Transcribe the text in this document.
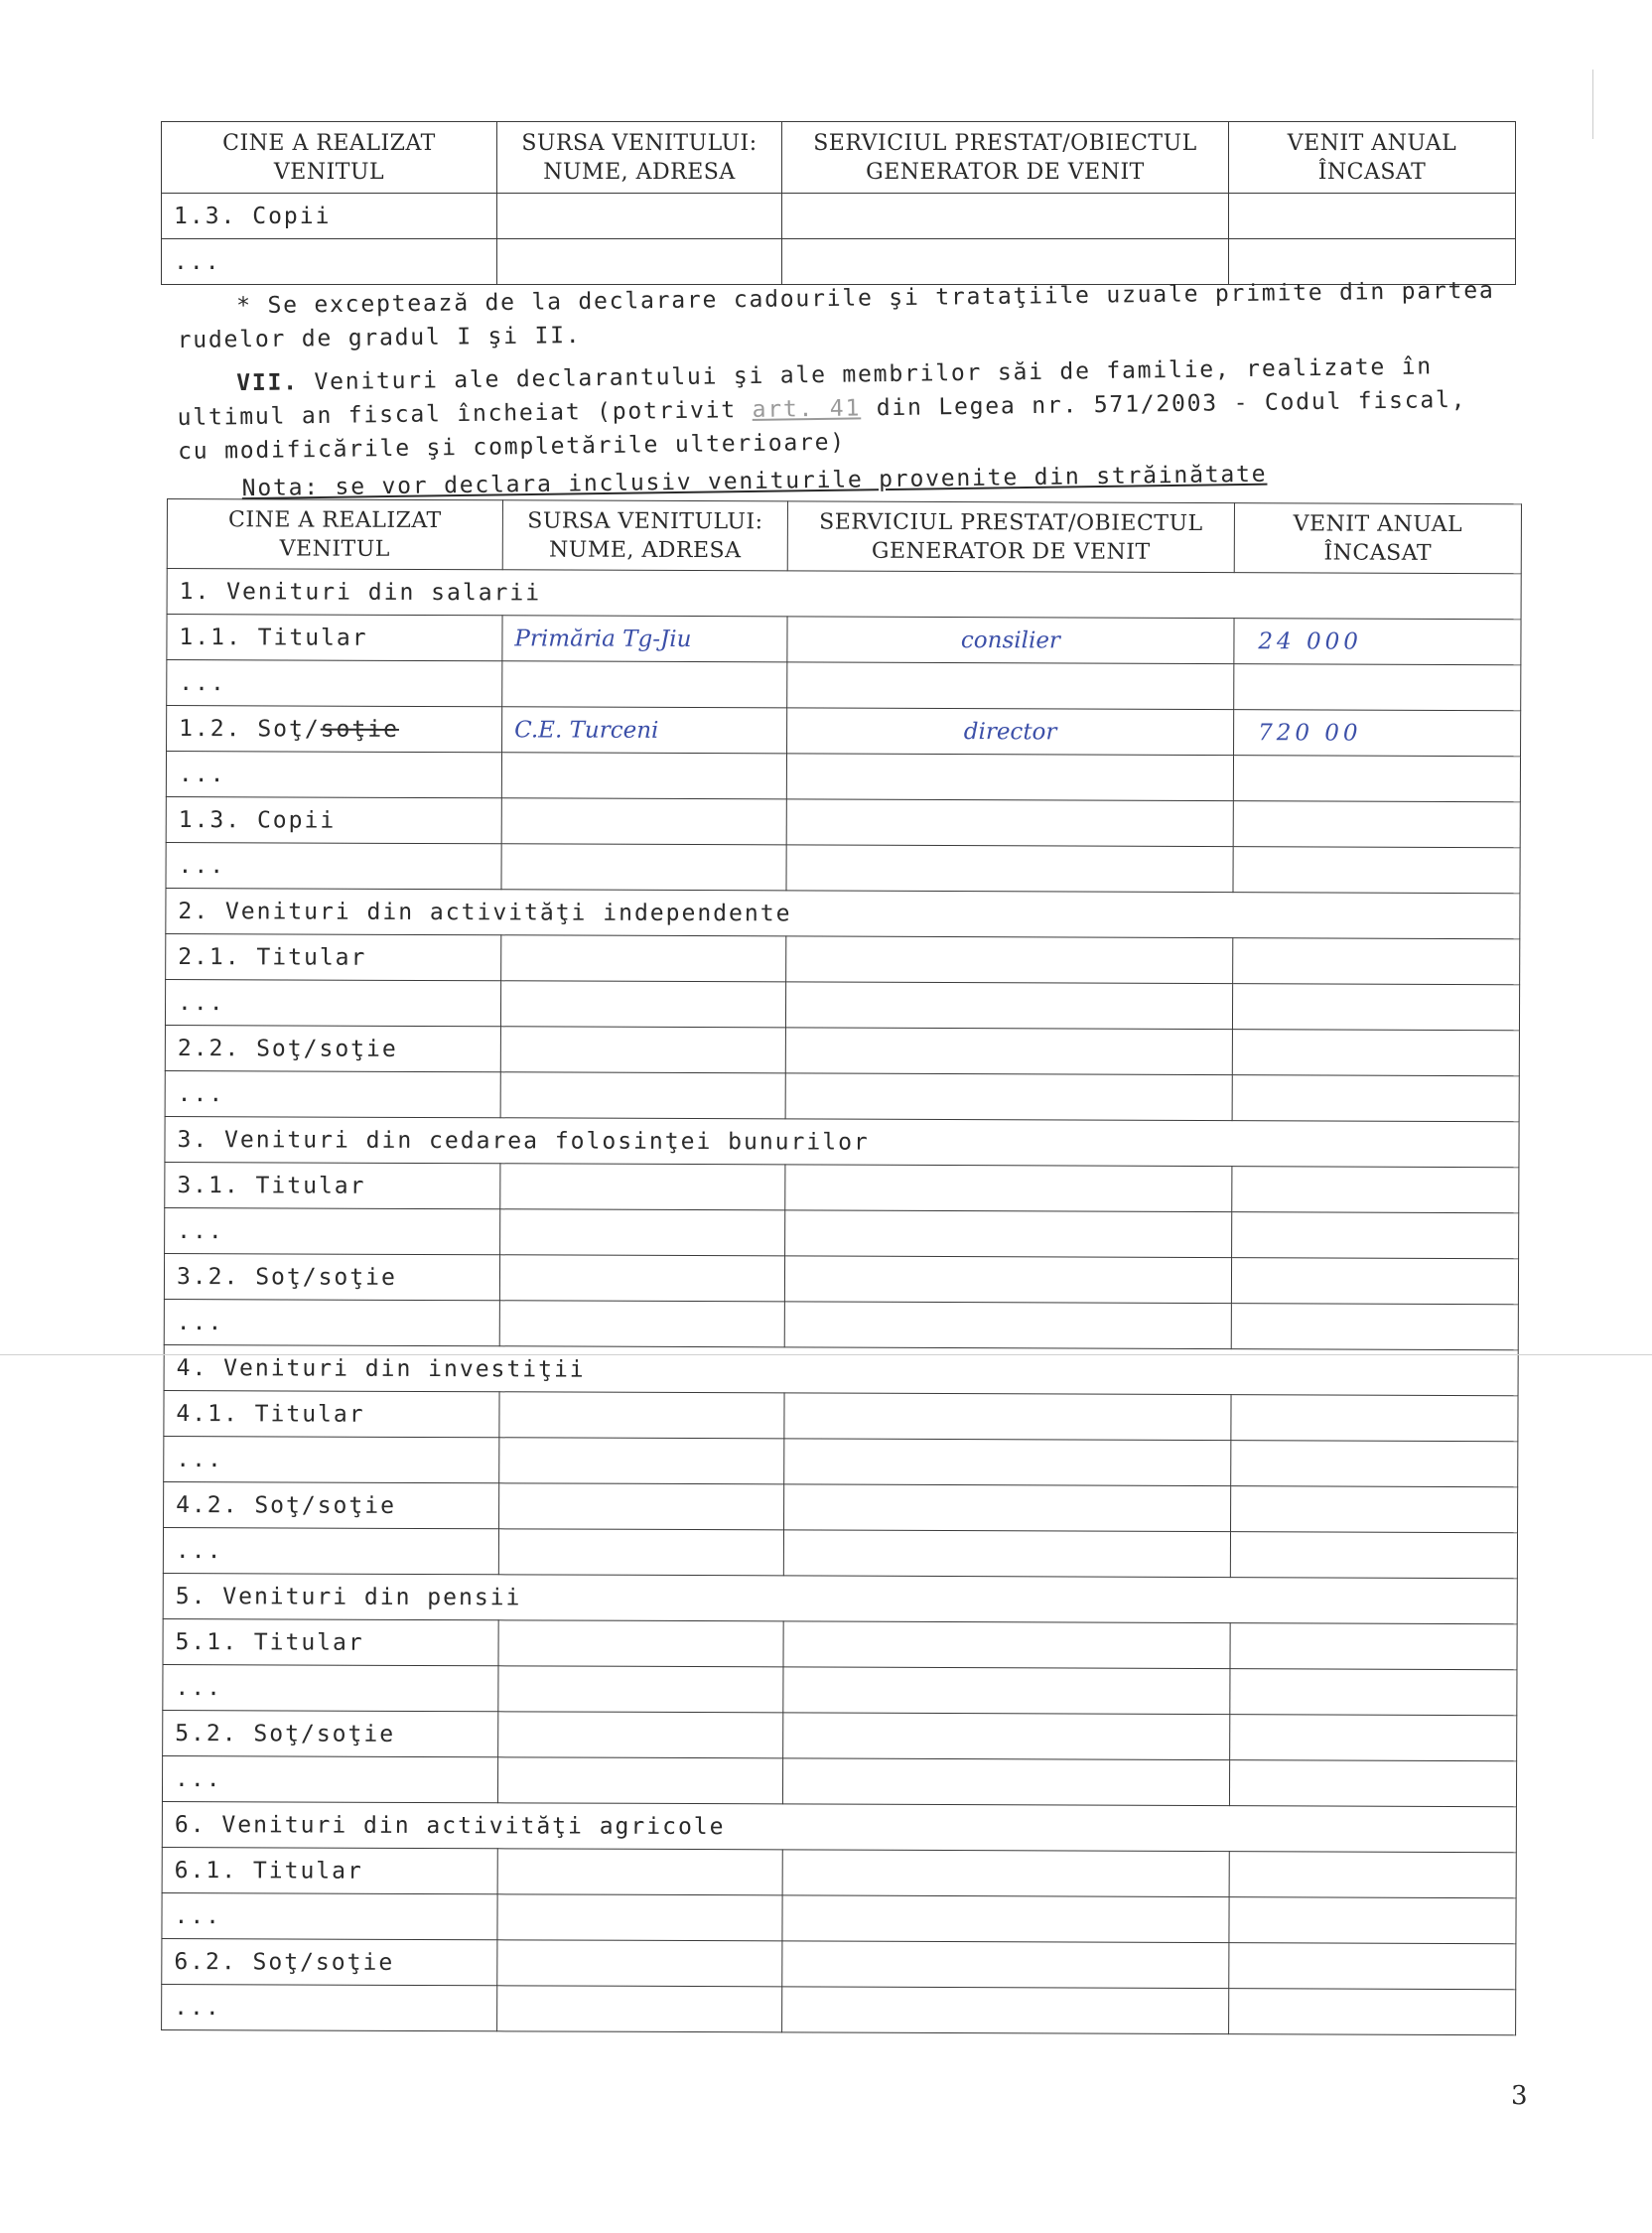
CINE A REALIZAT VENITUL	SURSA VENITULUI: NUME, ADRESA	SERVICIUL PRESTAT/OBIECTUL GENERATOR DE VENIT	VENIT ANUAL ÎNCASAT
1.3. Copii			
...			
* Se exceptează de la declarare cadourile şi trataţiile uzuale primite din partea
rudelor de gradul I şi II.
VII. Venituri ale declarantului şi ale membrilor săi de familie, realizate în
ultimul an fiscal încheiat (potrivit art. 41 din Legea nr. 571/2003 - Codul fiscal,
cu modificările şi completările ulterioare)
Nota: se vor declara inclusiv veniturile provenite din străinătate
CINE A REALIZAT VENITUL	SURSA VENITULUI: NUME, ADRESA	SERVICIUL PRESTAT/OBIECTUL GENERATOR DE VENIT	VENIT ANUAL ÎNCASAT
1. Venituri din salarii			
1.1. Titular	Primăria Tg-Jiu	consilier	24 000
...			
1.2. Soţ/soţie	C.E. Turceni	director	720 00
...			
1.3. Copii			
...			
2. Venituri din activităţi independente			
2.1. Titular			
...			
2.2. Soţ/soţie			
...			
3. Venituri din cedarea folosinţei bunurilor			
3.1. Titular			
...			
3.2. Soţ/soţie			
...			
4. Venituri din investiţii			
4.1. Titular			
...			
4.2. Soţ/soţie			
...			
5. Venituri din pensii			
5.1. Titular			
...			
5.2. Soţ/soţie			
...			
6. Venituri din activităţi agricole			
6.1. Titular			
...			
6.2. Soţ/soţie			
...			
3
